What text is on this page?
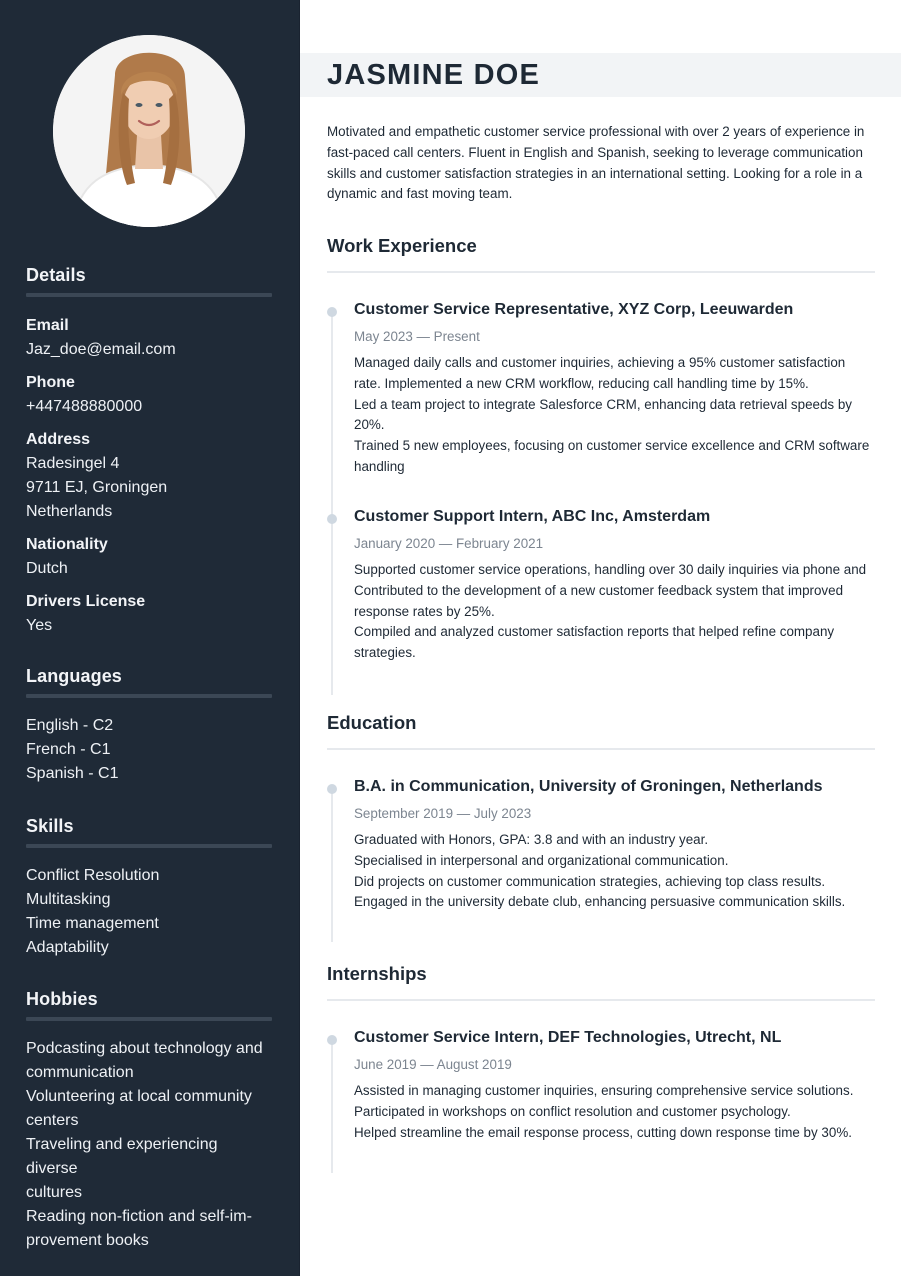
Details
Email
Jaz_doe@email.com
Phone
+447488880000
Address
Radesingel 4
9711 EJ, Groningen
Netherlands
Nationality
Dutch
Drivers License
Yes
Languages
English - C2
French - C1
Spanish - C1
Skills
Conflict Resolution
Multitasking
Time management
Adaptability
Hobbies
Podcasting about technology and
communication
Volunteering at local community
centers
Traveling and experiencing diverse
cultures
Reading non-fiction and self-im-
provement books
JASMINE DOE

Motivated and empathetic customer service professional with over 2 years of experience in fast-paced call centers. Fluent in English and Spanish, seeking to leverage communication skills and customer satisfaction strategies in an international setting. Looking for a role in a dynamic and fast moving team.

Work Experience
Customer Service Representative, XYZ Corp, Leeuwarden
May 2023 — Present
Managed daily calls and customer inquiries, achieving a 95% customer satisfaction
rate. Implemented a new CRM workflow, reducing call handling time by 15%.
Led a team project to integrate Salesforce CRM, enhancing data retrieval speeds by
20%.
Trained 5 new employees, focusing on customer service excellence and CRM software
handling
Customer Support Intern, ABC Inc, Amsterdam
January 2020 — February 2021
Supported customer service operations, handling over 30 daily inquiries via phone and
Contributed to the development of a new customer feedback system that improved
response rates by 25%.
Compiled and analyzed customer satisfaction reports that helped refine company
strategies.
Education
B.A. in Communication, University of Groningen, Netherlands
September 2019 — July 2023
Graduated with Honors, GPA: 3.8 and with an industry year.
Specialised in interpersonal and organizational communication.
Did projects on customer communication strategies, achieving top class results.
Engaged in the university debate club, enhancing persuasive communication skills.
Internships
Customer Service Intern, DEF Technologies, Utrecht, NL
June 2019 — August 2019
Assisted in managing customer inquiries, ensuring comprehensive service solutions.
Participated in workshops on conflict resolution and customer psychology.
Helped streamline the email response process, cutting down response time by 30%.
